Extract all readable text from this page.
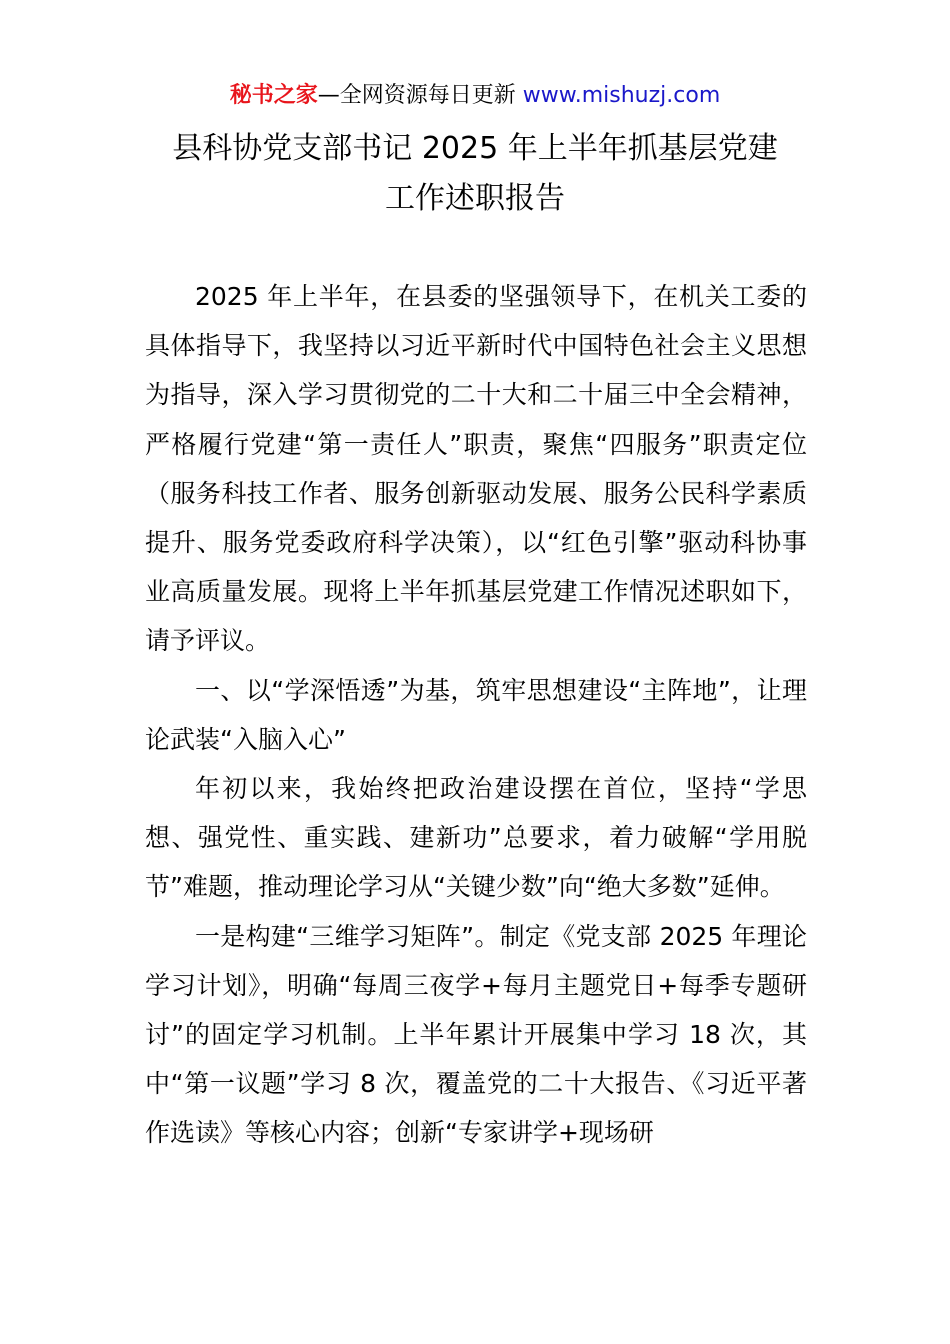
秘书之家—全网资源每日更新 www.mishuzj.com
县科协党支部书记 2025 年上半年抓基层党建
工作述职报告

2025 年上半年，在县委的坚强领导下，在机关工委的具体指导下，我坚持以习近平新时代中国特色社会主义思想为指导，深入学习贯彻党的二十大和二十届三中全会精神，严格履行党建“第一责任人”职责，聚焦“四服务”职责定位（服务科技工作者、服务创新驱动发展、服务公民科学素质提升、服务党委政府科学决策），以“红色引擎”驱动科协事业高质量发展。现将上半年抓基层党建工作情况述职如下，请予评议。

一、以“学深悟透”为基，筑牢思想建设“主阵地”，让理论武装“入脑入心”

年初以来，我始终把政治建设摆在首位，坚持“学思想、强党性、重实践、建新功”总要求，着力破解“学用脱节”难题，推动理论学习从“关键少数”向“绝大多数”延伸。

一是构建“三维学习矩阵”。制定《党支部 2025 年理论学习计划》，明确“每周三夜学+每月主题党日+每季专题研讨”的固定学习机制。上半年累计开展集中学习 18 次，其中“第一议题”学习 8 次，覆盖党的二十大报告、《习近平著作选读》等核心内容；创新“专家讲学+现场研
